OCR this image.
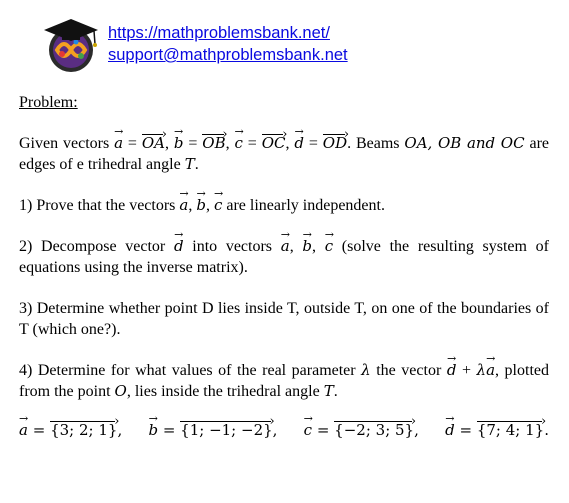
https://mathproblemsbank.net/
support@mathproblemsbank.net
Problem:

Given vectors → a = OA ›, → b = OB ›, → c = OC ›, → d = OD ›. Beams OA, OB and OC are edges of e trihedral angle T.

1) Prove that the vectors → a, → b, → c are linearly independent.

2) Decompose vector → d into vectors → a, → b, → c (solve the resulting system of equations using the inverse matrix).

3) Determine whether point D lies inside T, outside T, on one of the boundaries of T (which one?).

4) Determine for what values of the real parameter λ the vector → d + λ→ a, plotted from the point O, lies inside the trihedral angle T.

→ a = {3; 2; 1} ›, → b = {1; −1; −2} ›, → c = {−2; 3; 5} ›, → d = {7; 4; 1} ›.
